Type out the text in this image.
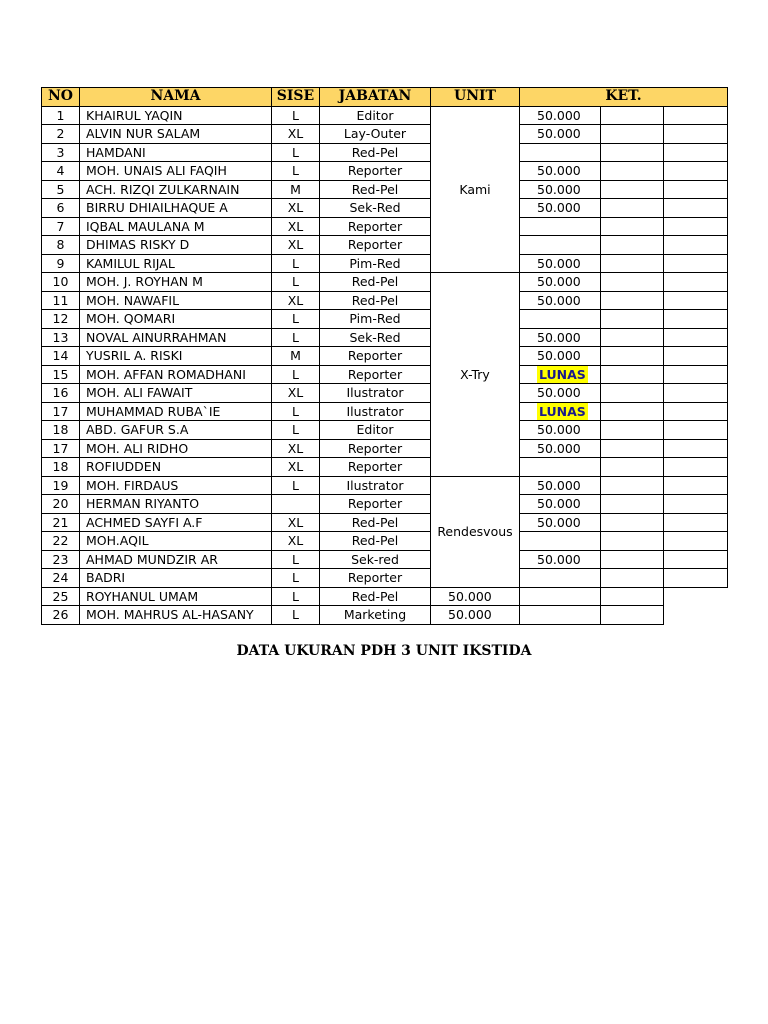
NO	NAMA	SISE	JABATAN	UNIT	KET.		
1	KHAIRUL YAQIN	L	Editor	Kami	50.000		
2	ALVIN NUR SALAM	XL	Lay-Outer		50.000		
3	HAMDANI	L	Red-Pel				
4	MOH. UNAIS ALI FAQIH	L	Reporter		50.000		
5	ACH. RIZQI ZULKARNAIN	M	Red-Pel		50.000		
6	BIRRU DHIAILHAQUE A	XL	Sek-Red		50.000		
7	IQBAL MAULANA M	XL	Reporter				
8	DHIMAS RISKY D	XL	Reporter				
9	KAMILUL RIJAL	L	Pim-Red		50.000		
10	MOH. J. ROYHAN M	L	Red-Pel	X-Try	50.000		
11	MOH. NAWAFIL	XL	Red-Pel		50.000		
12	MOH. QOMARI	L	Pim-Red				
13	NOVAL AINURRAHMAN	L	Sek-Red		50.000		
14	YUSRIL A. RISKI	M	Reporter		50.000		
15	MOH. AFFAN ROMADHANI	L	Reporter		LUNAS		
16	MOH. ALI FAWAIT	XL	Ilustrator		50.000		
17	MUHAMMAD RUBA`IE	L	Ilustrator		LUNAS		
18	ABD. GAFUR S.A	L	Editor		50.000		
17	MOH. ALI RIDHO	XL	Reporter		50.000		
18	ROFIUDDEN	XL	Reporter				
19	MOH. FIRDAUS	L	Ilustrator	Rendesvous	50.000		
20	HERMAN RIYANTO		Reporter		50.000		
21	ACHMED SAYFI A.F	XL	Red-Pel		50.000		
22	MOH.AQIL	XL	Red-Pel				
23	AHMAD MUNDZIR AR	L	Sek-red		50.000		
24	BADRI	L	Reporter				
25	ROYHANUL UMAM	L	Red-Pel	50.000			
26	MOH. MAHRUS AL-HASANY	L	Marketing	50.000			
DATA UKURAN PDH 3 UNIT IKSTIDA
